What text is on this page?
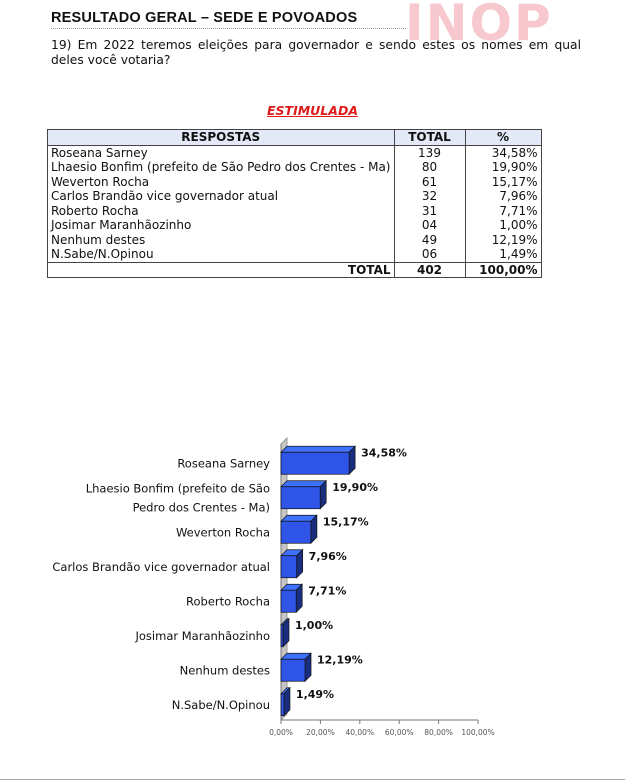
INOP
RESULTADO GERAL – SEDE E POVOADOS
19) Em 2022 teremos eleições para governador e sendo estes os nomes em qual deles você votaria?
ESTIMULADA
RESPOSTAS	TOTAL	%
Roseana Sarney	139	34,58%
Lhaesio Bonfim (prefeito de São Pedro dos Crentes - Ma)	80	19,90%
Weverton Rocha	61	15,17%
Carlos Brandão vice governador atual	32	7,96%
Roberto Rocha	31	7,71%
Josimar Maranhãozinho	04	1,00%
Nenhum destes	49	12,19%
N.Sabe/N.Opinou	06	1,49%
TOTAL	402	100,00%
34,58%
Roseana Sarney
19,90%
Lhaesio Bonfim (prefeito de São
Pedro dos Crentes - Ma)
15,17%
Weverton Rocha
7,96%
Carlos Brandão vice governador atual
7,71%
Roberto Rocha
1,00%
Josimar Maranhãozinho
12,19%
Nenhum destes
1,49%
N.Sabe/N.Opinou
0,00% 20,00% 40,00% 60,00% 80,00% 100,00%
